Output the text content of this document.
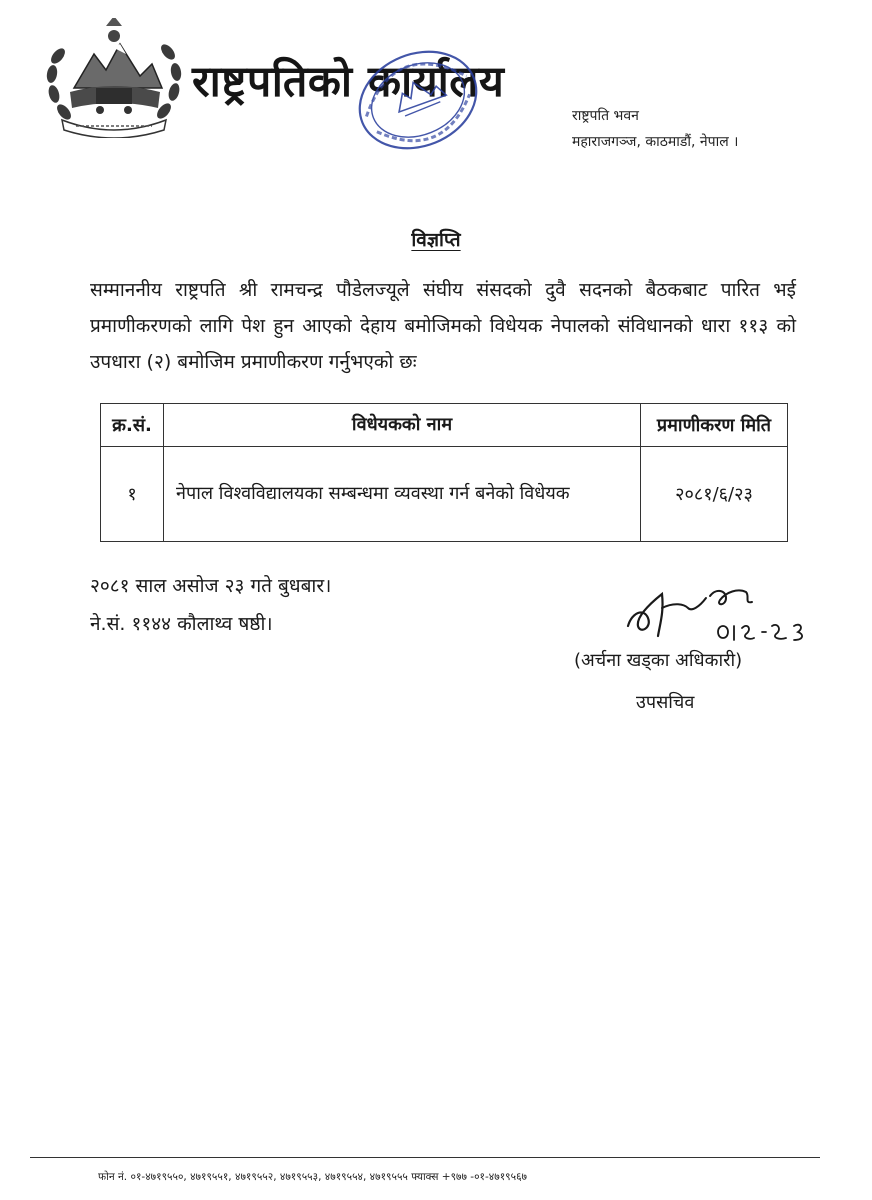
राष्ट्रपतिको कार्यालय
राष्ट्रपति भवन
महाराजगञ्ज, काठमाडौं, नेपाल ।
विज्ञप्ति
सम्माननीय राष्ट्रपति श्री रामचन्द्र पौडेलज्यूले संघीय संसदको दुवै सदनको बैठकबाट पारित भई प्रमाणीकरणको लागि पेश हुन आएको देहाय बमोजिमको विधेयक नेपालको संविधानको धारा ११३ को उपधारा (२) बमोजिम प्रमाणीकरण गर्नुभएको छः
क्र.सं.	विधेयकको नाम	प्रमाणीकरण मिति
१	नेपाल विश्वविद्यालयका सम्बन्धमा व्यवस्था गर्न बनेको विधेयक	२०८१/६/२३
२०८१ साल असोज २३ गते बुधबार।
ने.सं. ११४४ कौलाथ्व षष्ठी।
(अर्चना खड्का अधिकारी)
उपसचिव
फोन नं. ०१-४७१९५५०, ४७१९५५१, ४७१९५५२, ४७१९५५३, ४७१९५५४, ४७१९५५५ फ्याक्स +९७७ -०१-४७१९५६७
